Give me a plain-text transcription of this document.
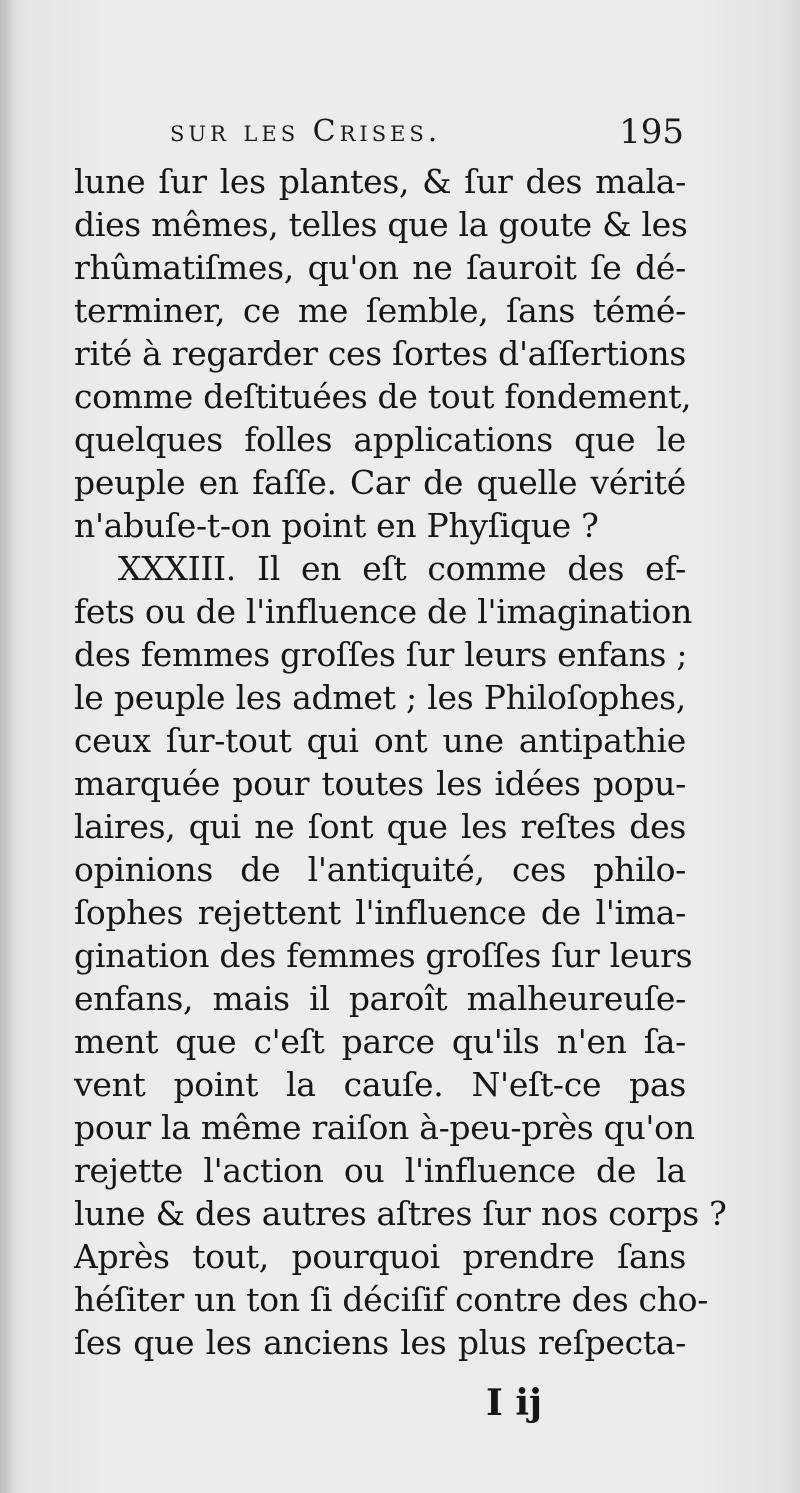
sur les Crises.	195
lune ſur les plantes, & ſur des mala-
dies mêmes, telles que la goute & les
rhûmatiſmes, qu'on ne ſauroit ſe dé-
terminer, ce me ſemble, ſans témé-
rité à regarder ces ſortes d'aſſertions
comme deſtituées de tout fondement,
quelques folles applications que le
peuple en faſſe. Car de quelle vérité
n'abuſe-t-on point en Phyſique ?
XXXIII. Il en eſt comme des ef-
fets ou de l'influence de l'imagination
des femmes groſſes ſur leurs enfans ;
le peuple les admet ; les Philoſophes,
ceux ſur-tout qui ont une antipathie
marquée pour toutes les idées popu-
laires, qui ne ſont que les reſtes des
opinions de l'antiquité, ces philo-
ſophes rejettent l'influence de l'ima-
gination des femmes groſſes ſur leurs
enfans, mais il paroît malheureuſe-
ment que c'eſt parce qu'ils n'en ſa-
vent point la cauſe. N'eſt-ce pas
pour la même raiſon à-peu-près qu'on
rejette l'action ou l'influence de la
lune & des autres aſtres ſur nos corps ?
Après tout, pourquoi prendre ſans
héſiter un ton ſi déciſif contre des cho-
ſes que les anciens les plus reſpecta-
I ij
